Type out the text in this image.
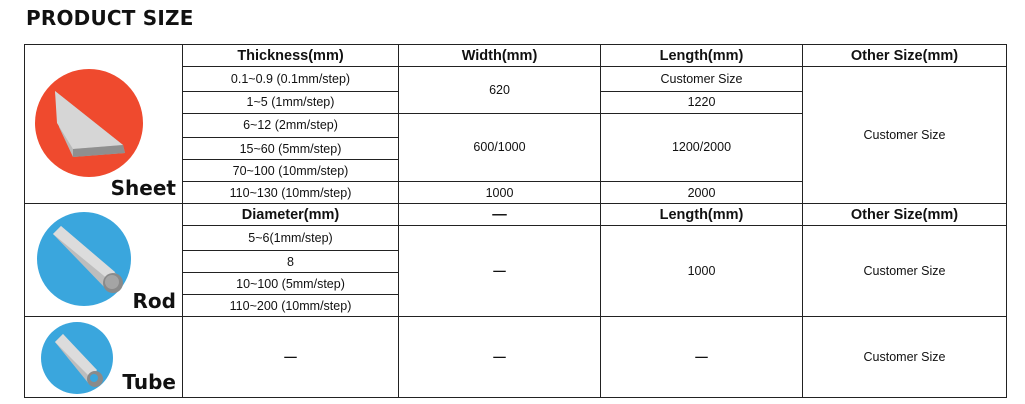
PRODUCT SIZE
Sheet	Thickness(mm)	Width(mm)	Length(mm)	Other Size(mm)
	0.1~0.9 (0.1mm/step)	620	Customer Size	Customer Size
	1~5 (1mm/step)		1220	
	6~12 (2mm/step)	600/1000	1200/2000	
	15~60 (5mm/step)			
	70~100 (10mm/step)			
	110~130 (10mm/step)	1000	2000	

Rod	Diameter(mm)	—	Length(mm)	Other Size(mm)
	5~6(1mm/step)	—	1000	Customer Size
	8			
	10~100 (5mm/step)			
	110~200 (10mm/step)			

Tube	—	—	—	Customer Size
